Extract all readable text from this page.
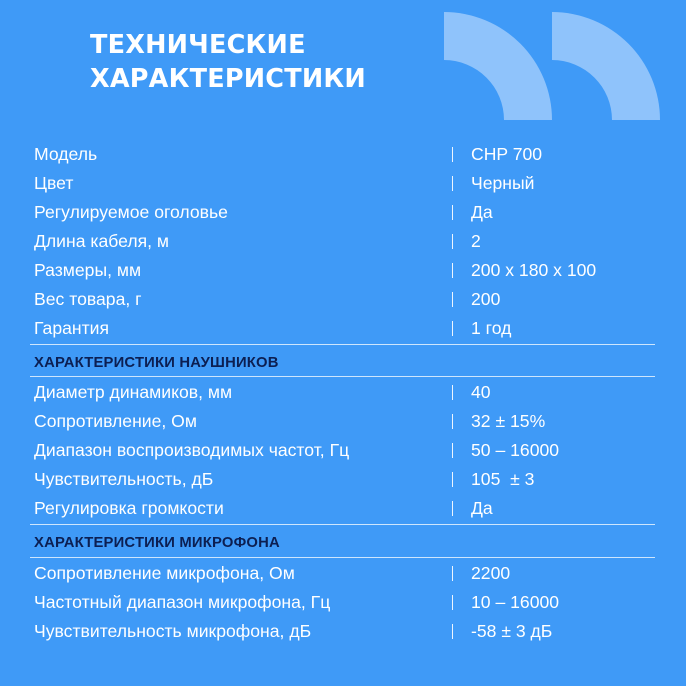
ТЕХНИЧЕСКИЕ
ХАРАКТЕРИСТИКИ
Модель	CHP 700
Цвет	Черный
Регулируемое оголовье	Да
Длина кабеля, м	2
Размеры, мм	200 х 180 х 100
Вес товара, г	200
Гарантия	1 год
ХАРАКТЕРИСТИКИ НАУШНИКОВ
Диаметр динамиков, мм	40
Сопротивление, Ом	32 ± 15%
Диапазон воспроизводимых частот, Гц	50 – 16000
Чувствительность, дБ	105  ± 3
Регулировка громкости	Да
ХАРАКТЕРИСТИКИ МИКРОФОНА
Сопротивление микрофона, Ом	2200
Частотный диапазон микрофона, Гц	10 – 16000
Чувствительность микрофона, дБ	-58 ± 3 дБ
